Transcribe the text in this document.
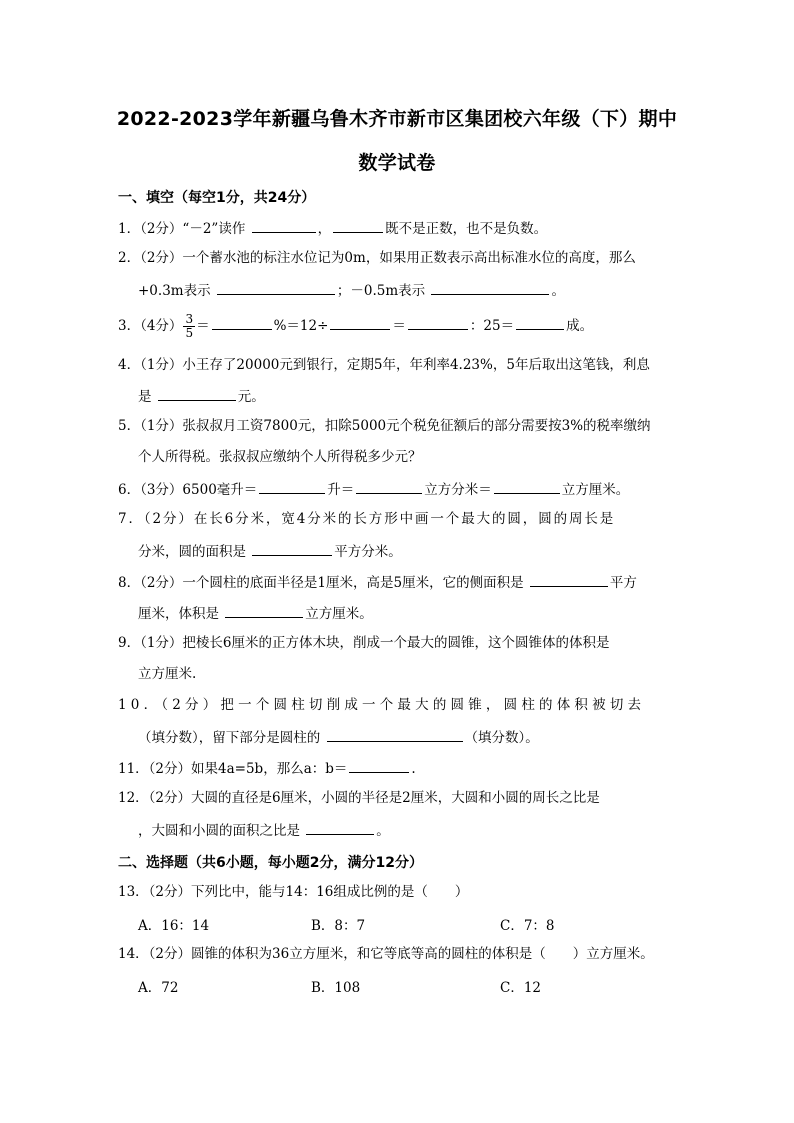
2022-2023学年新疆乌鲁木齐市新市区集团校六年级（下）期中
数学试卷
一、填空（每空1分，共24分）
1．（2分）“－2”读作	，	既不是正数，也不是负数。
2．（2分）一个蓄水池的标注水位记为0m，如果用正数表示高出标准水位的高度，那么
+0.3m表示	；－0.5m表示	。
3．（4分） $\frac{3}{5}$ ＝	%＝12÷	＝	：25＝	成。
4．（1分）小王存了20000元到银行，定期5年，年利率4.23%，5年后取出这笔钱，利息
是	元。
5．（1分）张叔叔月工资7800元，扣除5000元个税免征额后的部分需要按3%的税率缴纳
个人所得税。张叔叔应缴纳个人所得税多少元？
6．（3分）6500毫升＝	升＝	立方分米＝	立方厘米。
7．（2分）在长6分米，宽4分米的长方形中画一个最大的圆，圆的周长是
分米，圆的面积是	平方分米。
8．（2分）一个圆柱的底面半径是1厘米，高是5厘米，它的侧面积是	平方
厘米，体积是	立方厘米。
9．（1分）把棱长6厘米的正方体木块，削成一个最大的圆锥，这个圆锥体的体积是
立方厘米.
10．（2分）把一个圆柱切削成一个最大的圆锥，圆柱的体积被切去
（填分数），留下部分是圆柱的	（填分数）。
11．（2分）如果4a=5b，那么a：b＝	.
12．（2分）大圆的直径是6厘米，小圆的半径是2厘米，大圆和小圆的周长之比是
，大圆和小圆的面积之比是	。
二、选择题（共6小题，每小题2分，满分12分）
13．（2分）下列比中，能与14：16组成比例的是（　　）
A．16：14	B．8：7	C．7：8
14．（2分）圆锥的体积为36立方厘米，和它等底等高的圆柱的体积是（　　）立方厘米。
A．72	B．108	C．12
